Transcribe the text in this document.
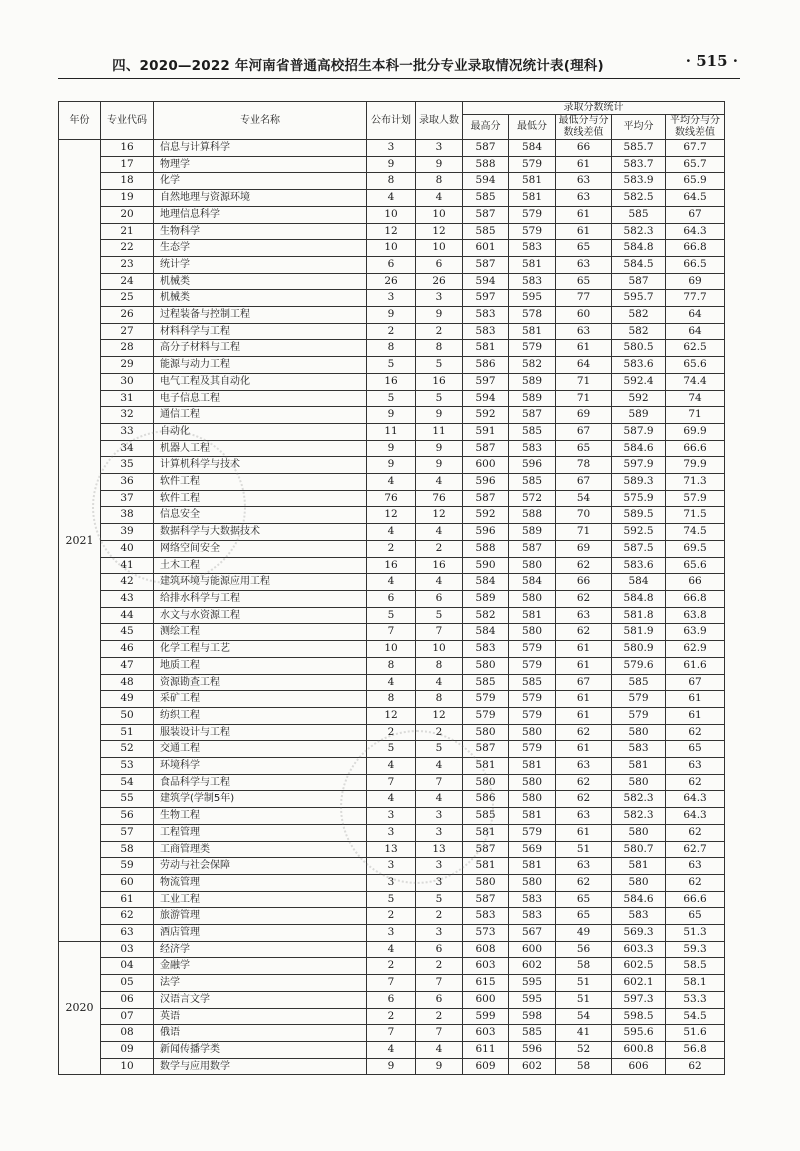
四、2020—2022 年河南省普通高校招生本科一批分专业录取情况统计表(理科)	· 515 ·
年份	专业代码	专业名称	公布计划	录取人数	录取分数统计				
					最高分	最低分	最低分与分数线差值	平均分	平均分与分数线差值
2021	16	信息与计算科学	3	3	587	584	66	585.7	67.7
	17	物理学	9	9	588	579	61	583.7	65.7
	18	化学	8	8	594	581	63	583.9	65.9
	19	自然地理与资源环境	4	4	585	581	63	582.5	64.5
	20	地理信息科学	10	10	587	579	61	585	67
	21	生物科学	12	12	585	579	61	582.3	64.3
	22	生态学	10	10	601	583	65	584.8	66.8
	23	统计学	6	6	587	581	63	584.5	66.5
	24	机械类	26	26	594	583	65	587	69
	25	机械类	3	3	597	595	77	595.7	77.7
	26	过程装备与控制工程	9	9	583	578	60	582	64
	27	材料科学与工程	2	2	583	581	63	582	64
	28	高分子材料与工程	8	8	581	579	61	580.5	62.5
	29	能源与动力工程	5	5	586	582	64	583.6	65.6
	30	电气工程及其自动化	16	16	597	589	71	592.4	74.4
	31	电子信息工程	5	5	594	589	71	592	74
	32	通信工程	9	9	592	587	69	589	71
	33	自动化	11	11	591	585	67	587.9	69.9
	34	机器人工程	9	9	587	583	65	584.6	66.6
	35	计算机科学与技术	9	9	600	596	78	597.9	79.9
	36	软件工程	4	4	596	585	67	589.3	71.3
	37	软件工程	76	76	587	572	54	575.9	57.9
	38	信息安全	12	12	592	588	70	589.5	71.5
	39	数据科学与大数据技术	4	4	596	589	71	592.5	74.5
	40	网络空间安全	2	2	588	587	69	587.5	69.5
	41	土木工程	16	16	590	580	62	583.6	65.6
	42	建筑环境与能源应用工程	4	4	584	584	66	584	66
	43	给排水科学与工程	6	6	589	580	62	584.8	66.8
	44	水文与水资源工程	5	5	582	581	63	581.8	63.8
	45	测绘工程	7	7	584	580	62	581.9	63.9
	46	化学工程与工艺	10	10	583	579	61	580.9	62.9
	47	地质工程	8	8	580	579	61	579.6	61.6
	48	资源勘查工程	4	4	585	585	67	585	67
	49	采矿工程	8	8	579	579	61	579	61
	50	纺织工程	12	12	579	579	61	579	61
	51	服装设计与工程	2	2	580	580	62	580	62
	52	交通工程	5	5	587	579	61	583	65
	53	环境科学	4	4	581	581	63	581	63
	54	食品科学与工程	7	7	580	580	62	580	62
	55	建筑学(学制5年)	4	4	586	580	62	582.3	64.3
	56	生物工程	3	3	585	581	63	582.3	64.3
	57	工程管理	3	3	581	579	61	580	62
	58	工商管理类	13	13	587	569	51	580.7	62.7
	59	劳动与社会保障	3	3	581	581	63	581	63
	60	物流管理	3	3	580	580	62	580	62
	61	工业工程	5	5	587	583	65	584.6	66.6
	62	旅游管理	2	2	583	583	65	583	65
	63	酒店管理	3	3	573	567	49	569.3	51.3
2020	03	经济学	4	6	608	600	56	603.3	59.3
	04	金融学	2	2	603	602	58	602.5	58.5
	05	法学	7	7	615	595	51	602.1	58.1
	06	汉语言文学	6	6	600	595	51	597.3	53.3
	07	英语	2	2	599	598	54	598.5	54.5
	08	俄语	7	7	603	585	41	595.6	51.6
	09	新闻传播学类	4	4	611	596	52	600.8	56.8
	10	数学与应用数学	9	9	609	602	58	606	62
